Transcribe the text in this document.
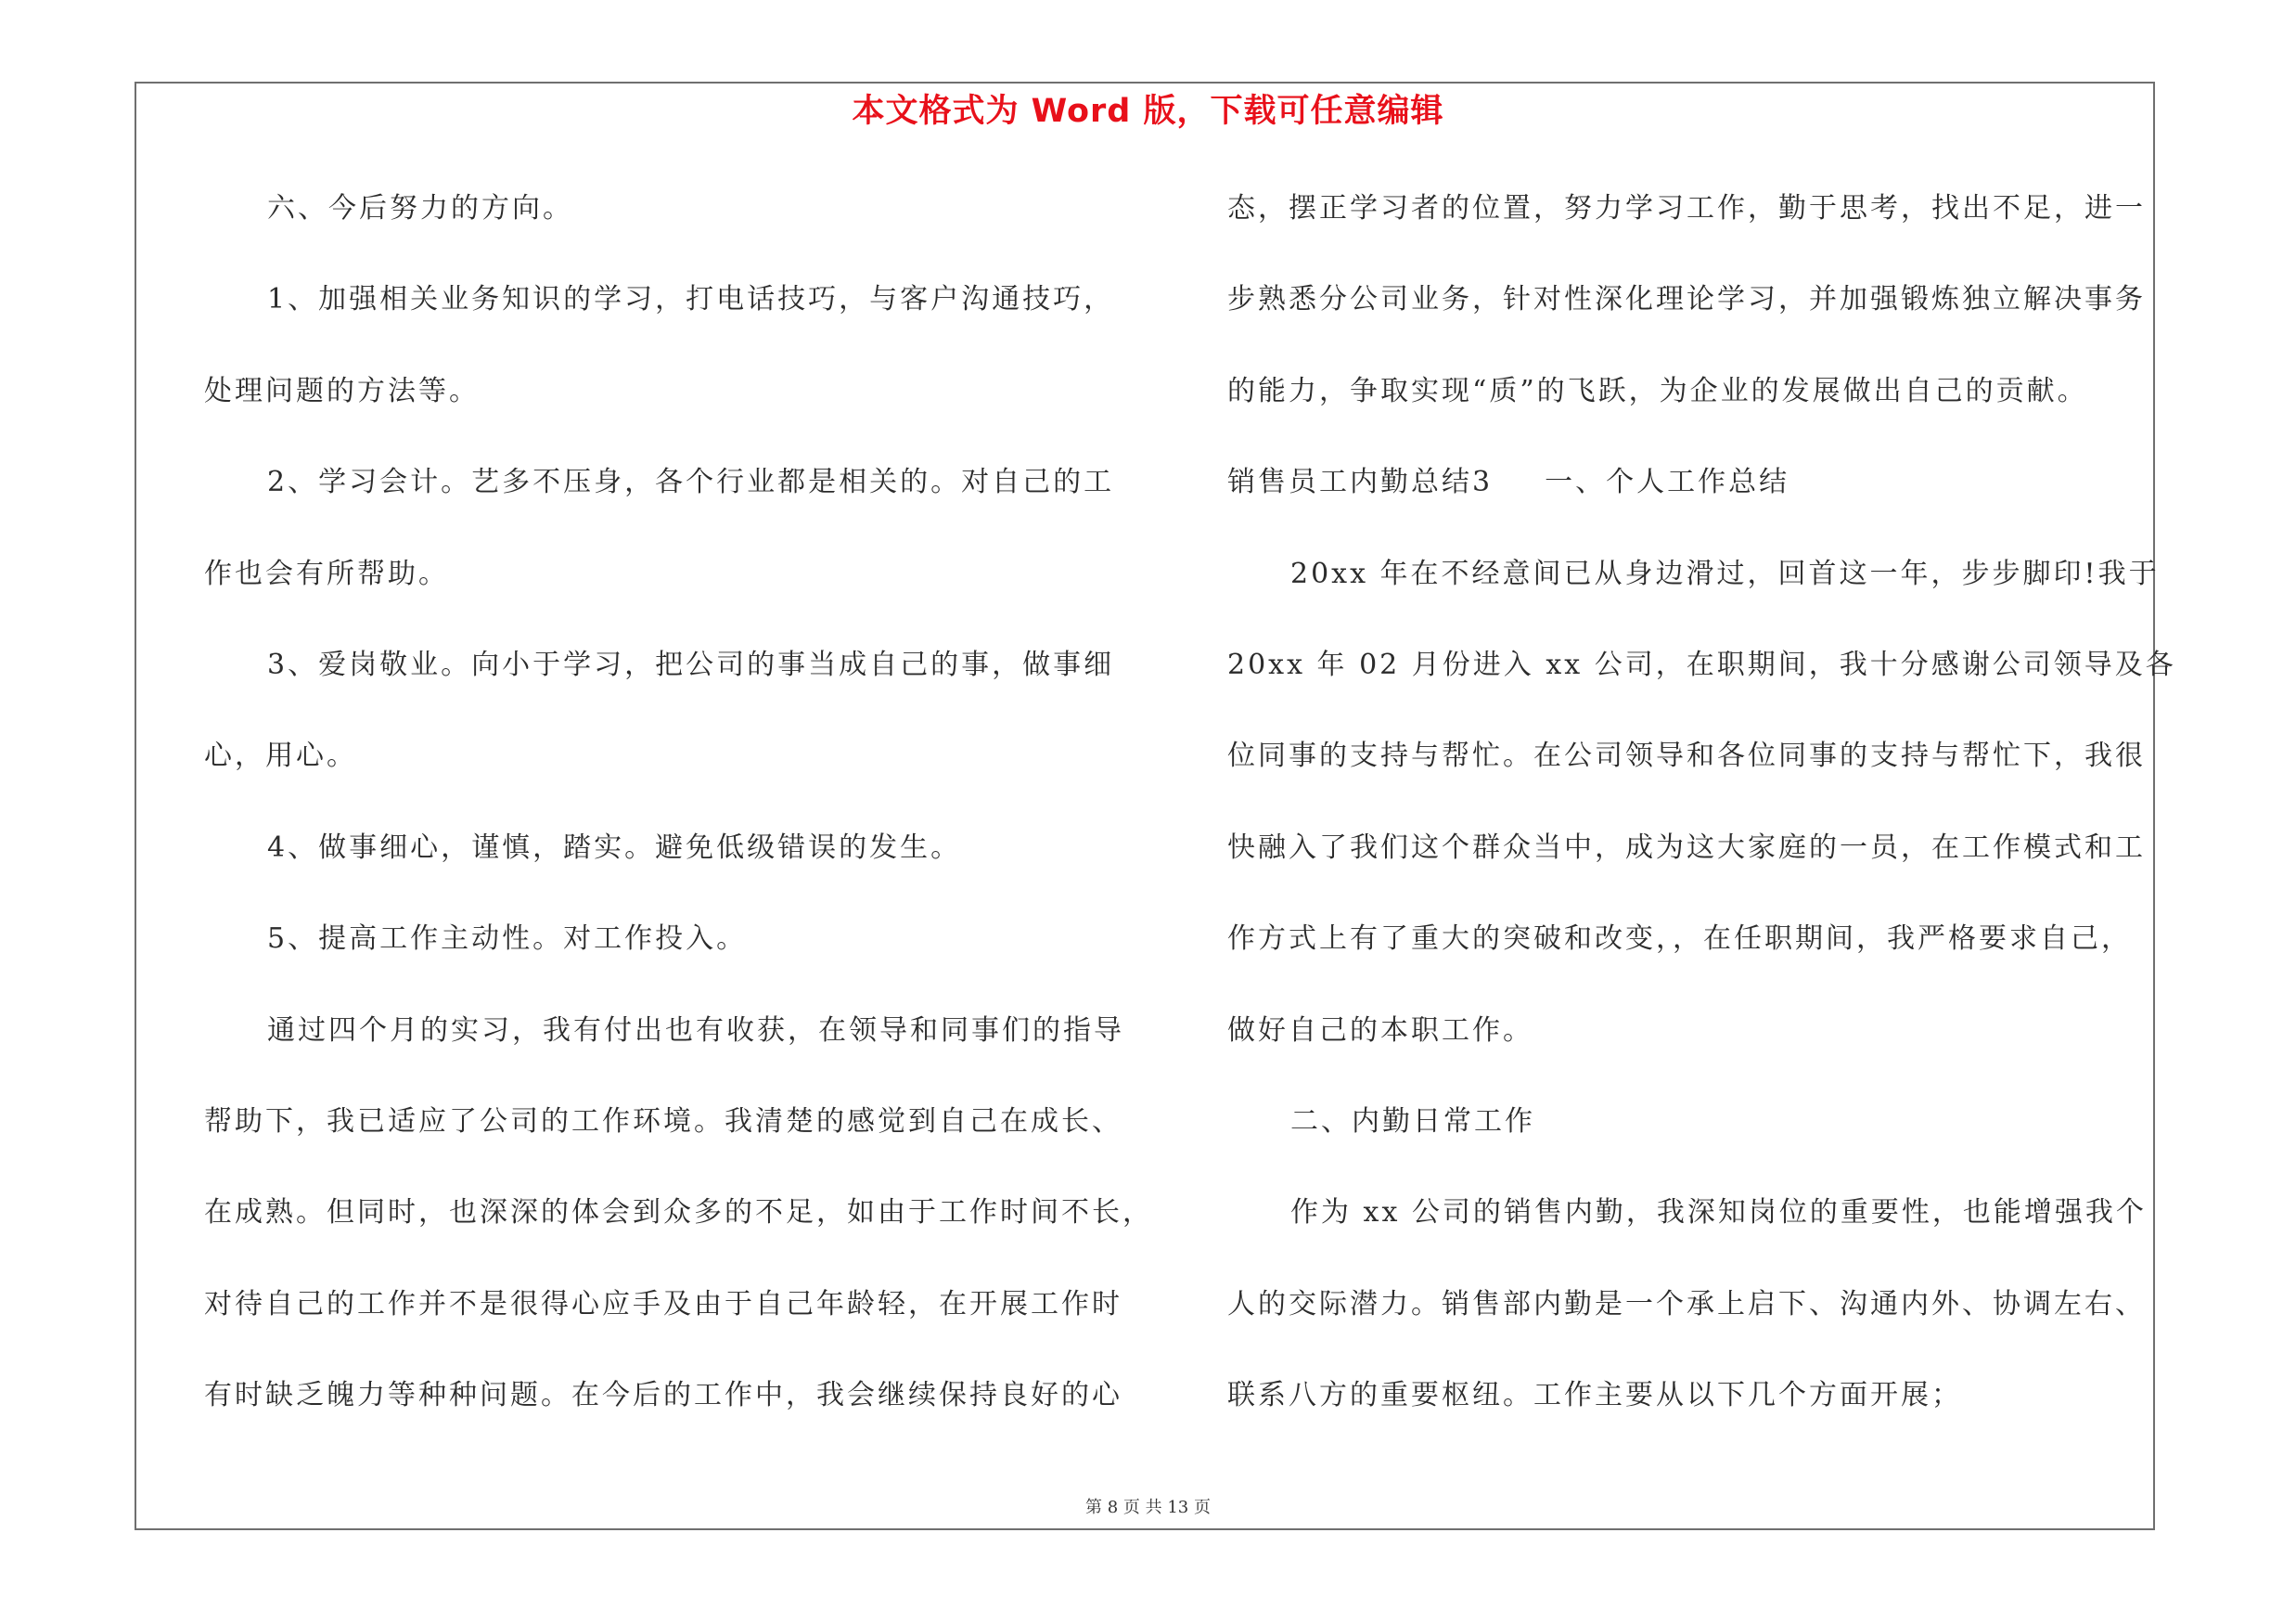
本文格式为 Word 版，下载可任意编辑
六、今后努力的方向。
1、加强相关业务知识的学习，打电话技巧，与客户沟通技巧，
处理问题的方法等。
2、学习会计。艺多不压身，各个行业都是相关的。对自己的工
作也会有所帮助。
3、爱岗敬业。向小于学习，把公司的事当成自己的事，做事细
心，用心。
4、做事细心，谨慎，踏实。避免低级错误的发生。
5、提高工作主动性。对工作投入。
通过四个月的实习，我有付出也有收获，在领导和同事们的指导
帮助下，我已适应了公司的工作环境。我清楚的感觉到自己在成长、
在成熟。但同时，也深深的体会到众多的不足，如由于工作时间不长，
对待自己的工作并不是很得心应手及由于自己年龄轻，在开展工作时
有时缺乏魄力等种种问题。在今后的工作中，我会继续保持良好的心
态，摆正学习者的位置，努力学习工作，勤于思考，找出不足，进一
步熟悉分公司业务，针对性深化理论学习，并加强锻炼独立解决事务
的能力，争取实现“质”的飞跃，为企业的发展做出自己的贡献。
销售员工内勤总结3 一、个人工作总结
20xx 年在不经意间已从身边滑过，回首这一年，步步脚印!我于
20xx 年 02 月份进入 xx 公司，在职期间，我十分感谢公司领导及各
位同事的支持与帮忙。在公司领导和各位同事的支持与帮忙下，我很
快融入了我们这个群众当中，成为这大家庭的一员，在工作模式和工
作方式上有了重大的突破和改变，，在任职期间，我严格要求自己，
做好自己的本职工作。
二、内勤日常工作
作为 xx 公司的销售内勤，我深知岗位的重要性，也能增强我个
人的交际潜力。销售部内勤是一个承上启下、沟通内外、协调左右、
联系八方的重要枢纽。工作主要从以下几个方面开展；
第 8 页 共 13 页
